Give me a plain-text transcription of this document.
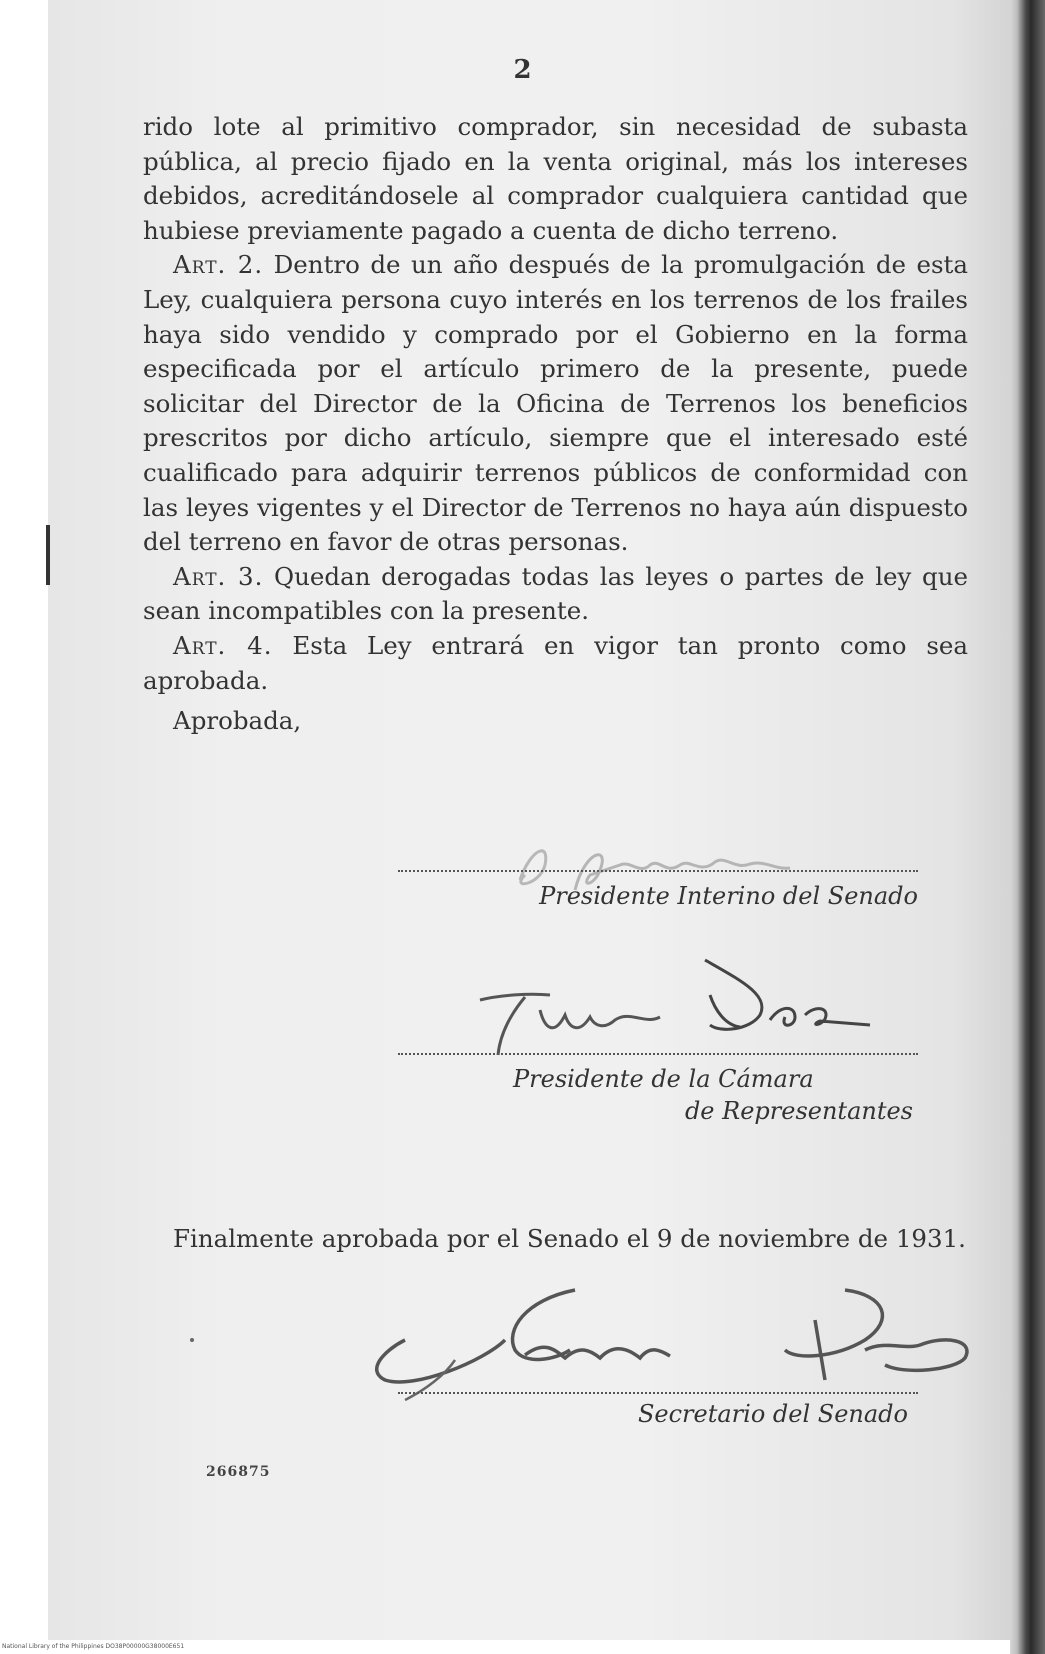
2

rido lote al primitivo comprador, sin necesidad de subasta pública, al precio fijado en la venta original, más los intereses debidos, acreditándosele al comprador cualquiera cantidad que hubiese previamente pagado a cuenta de dicho terreno.

Art. 2. Dentro de un año después de la promulgación de esta Ley, cualquiera persona cuyo interés en los terrenos de los frailes haya sido vendido y comprado por el Gobierno en la forma especificada por el artículo primero de la presente, puede solicitar del Director de la Oficina de Terrenos los beneficios prescritos por dicho artículo, siempre que el interesado esté cualificado para adquirir terrenos públicos de conformidad con las leyes vigentes y el Director de Terrenos no haya aún dispuesto del terreno en favor de otras personas.

Art. 3. Quedan derogadas todas las leyes o partes de ley que sean incompatibles con la presente.

Art. 4. Esta Ley entrará en vigor tan pronto como sea aprobada.

Aprobada,

Presidente Interino del Senado
Presidente de la Cámara
de Representantes
Finalmente aprobada por el Senado el 9 de noviembre de 1931.
Secretario del Senado
266875
National Library of the Philippines DO38P00000G38000E651
